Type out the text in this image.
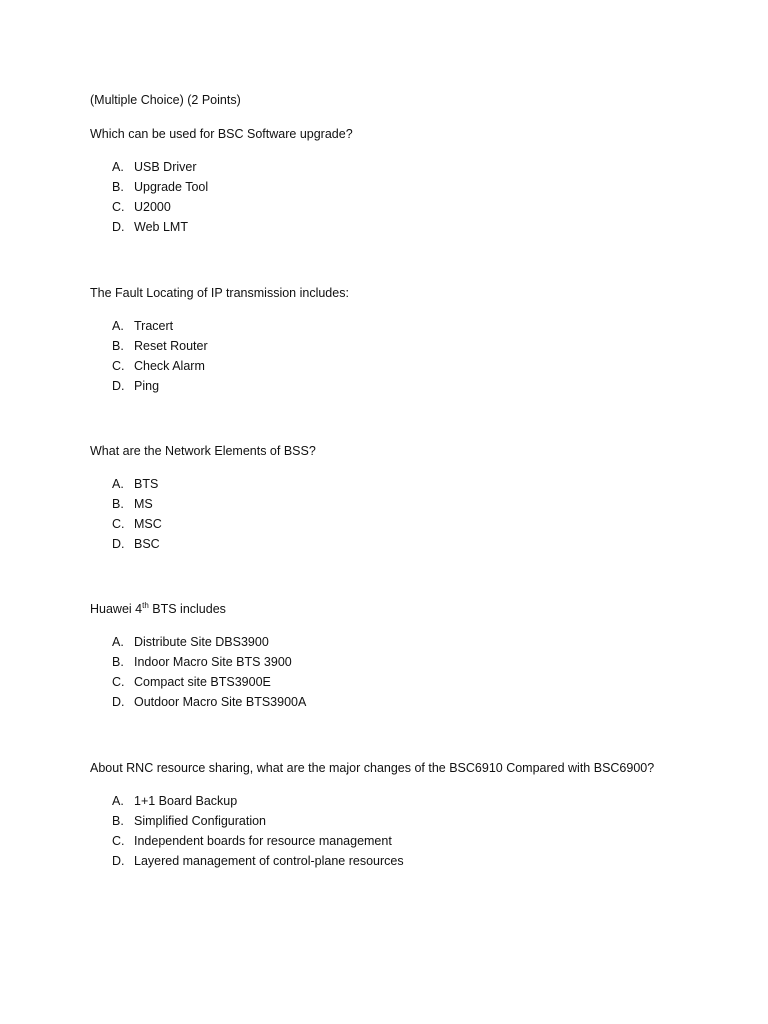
(Multiple Choice) (2 Points)
Which can be used for BSC Software upgrade?
A. USB Driver
B. Upgrade Tool
C. U2000
D. Web LMT
The Fault Locating of IP transmission includes:
A. Tracert
B. Reset Router
C. Check Alarm
D. Ping
What are the Network Elements of BSS?
A. BTS
B. MS
C. MSC
D. BSC
Huawei 4th BTS includes
A. Distribute Site DBS3900
B. Indoor Macro Site BTS 3900
C. Compact site BTS3900E
D. Outdoor Macro Site BTS3900A
About RNC resource sharing, what are the major changes of the BSC6910 Compared with BSC6900?
A. 1+1 Board Backup
B. Simplified Configuration
C. Independent boards for resource management
D. Layered management of control-plane resources
